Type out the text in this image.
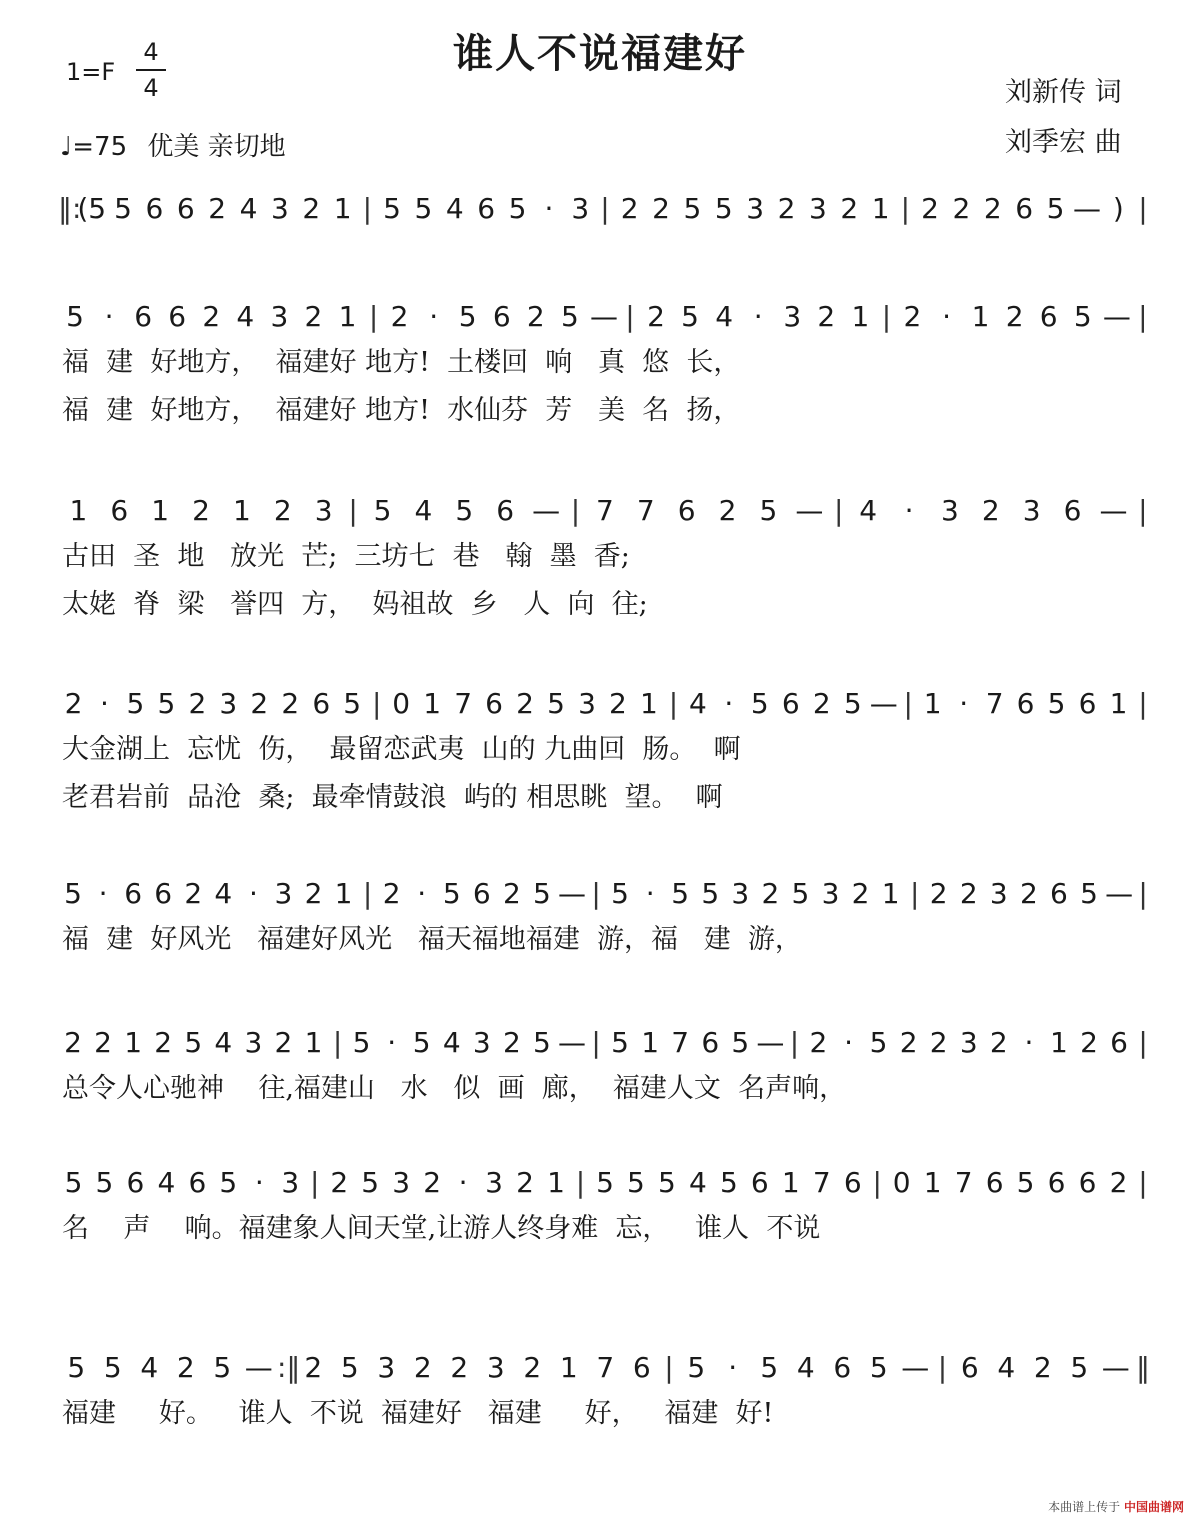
谁人不说福建好
1=F
4
4
♩=75 优美 亲切地
刘新传 词
刘季宏 曲
‖:
(5 5 6 6 2 4 3 2 1 | 5 5 4 6 5 · 3 | 2 2 5 5 3 2 3 2 1 | 2 2 2 6 5 — ) |
5 · 6 6 2 4 3 2 1 | 2 · 5 6 2 5 — | 2 5 4 · 3 2 1 | 2 · 1 2 6 5 — |
福  建  好地方，  福建好 地方!  土楼回  响   真  悠  长，
福  建  好地方，  福建好 地方!  水仙芬  芳   美  名  扬，
1 6 1 2 1 2 3 | 5 4 5 6 — | 7 7 6 2 5 — | 4 · 3 2 3 6 — |
古田  圣  地   放光  芒;  三坊七  巷   翰  墨  香;
太姥  脊  梁   誉四  方，  妈祖故  乡   人  向  往;
2 · 5 5 2 3 2 2 6 5 | 0 1 7 6 2 5 3 2 1 | 4 · 5 6 2 5 — | 1 · 7 6 5 6 1 |
大金湖上  忘忧  伤，  最留恋武夷  山的 九曲回  肠。  啊
老君岩前  品沧  桑;  最牵情鼓浪  屿的 相思眺  望。  啊
5 · 6 6 2 4 · 3 2 1 | 2 · 5 6 2 5 — | 5 · 5 5 3 2 5 3 2 1 | 2 2 3 2 6 5 — |
福  建  好风光   福建好风光   福天福地福建  游，福   建  游，
2 2 1 2 5 4 3 2 1 | 5 · 5 4 3 2 5 — | 5 1 7 6 5 — | 2 · 5 2 2 3 2 · 1 2 6 |
总令人心驰神    往,福建山   水   似  画  廊，  福建人文  名声响，
5 5 6 4 6 5 · 3 | 2 5 3 2 · 3 2 1 | 5 5 5 4 5 6 1 7 6 | 0 1 7 6 5 6 6 2 |
名    声    响。福建象人间天堂,让游人终身难  忘，   谁人  不说
5 5 4 2 5 — :‖ 2 5 3 2 2 3 2 1 7 6 | 5 · 5 4 6 5 — | 6 4 2 5 — ‖
福建     好。   谁人  不说  福建好   福建     好，   福建  好!
本曲谱上传于 中国曲谱网
